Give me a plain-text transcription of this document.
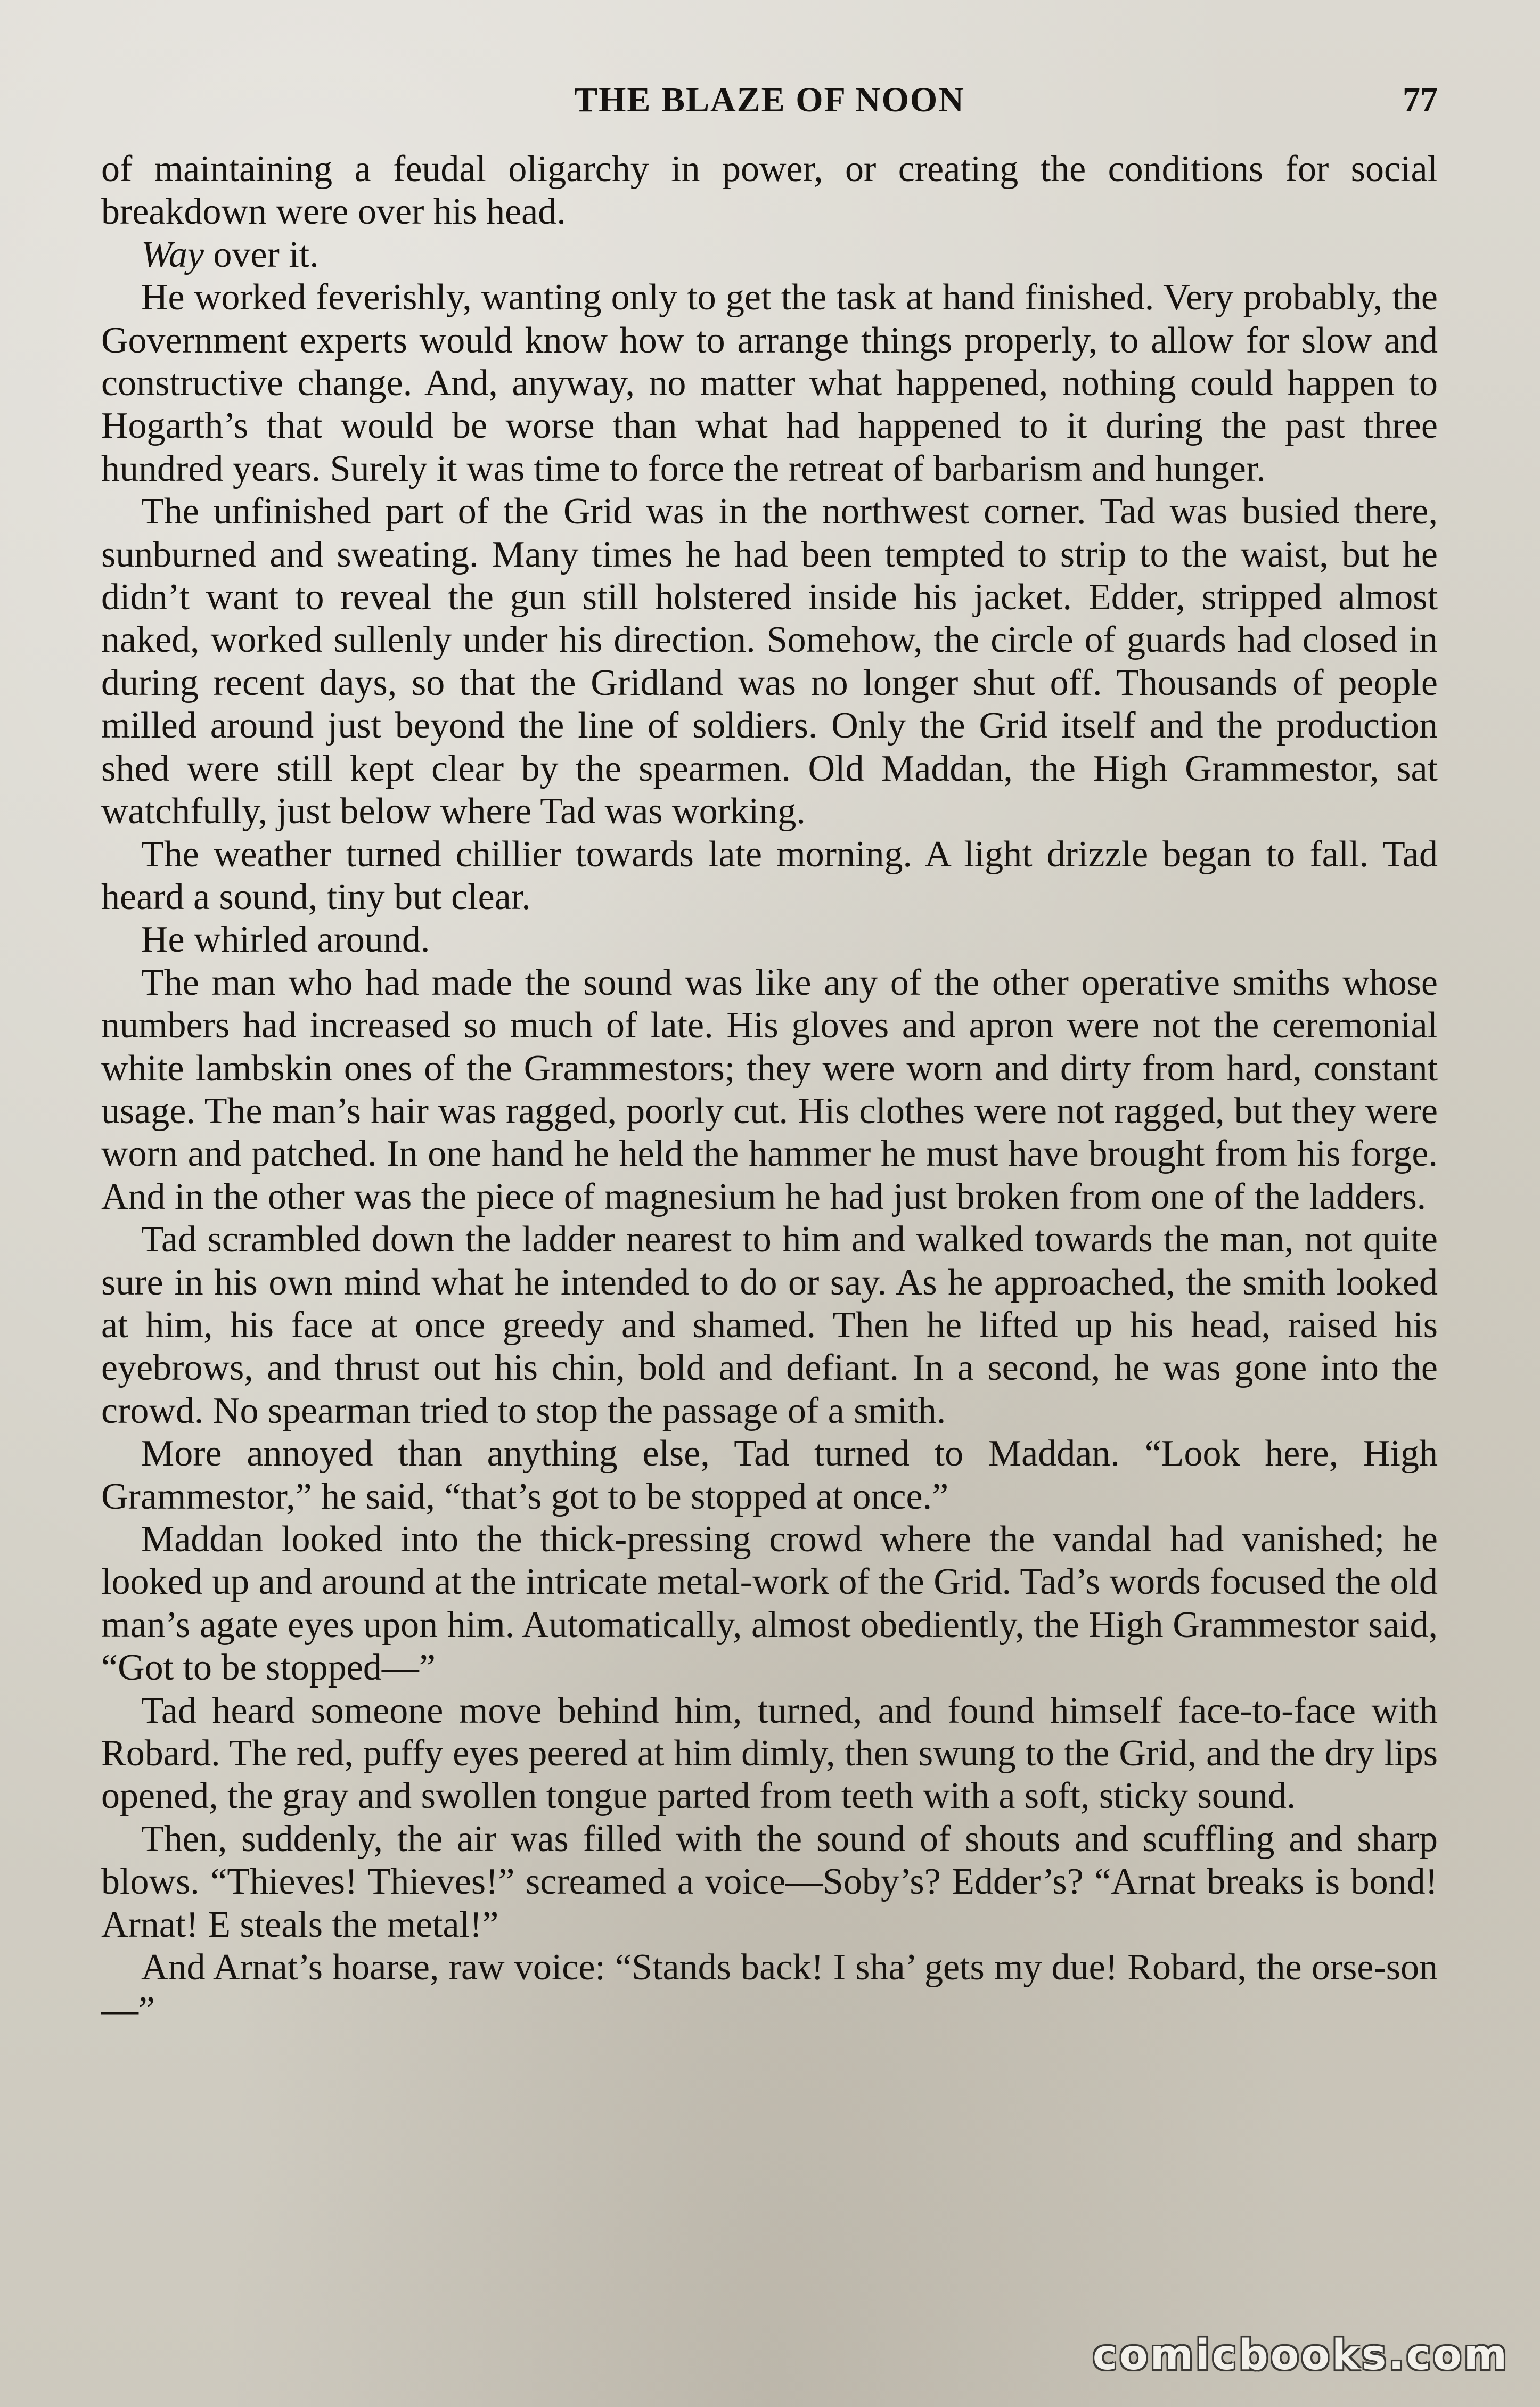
THE BLAZE OF NOON	77

of maintaining a feudal oligarchy in power, or creating the conditions for social breakdown were over his head.

Way over it.

He worked feverishly, wanting only to get the task at hand finished. Very probably, the Government experts would know how to arrange things properly, to allow for slow and constructive change. And, anyway, no matter what happened, nothing could happen to Hogarth’s that would be worse than what had happened to it during the past three hundred years. Surely it was time to force the retreat of barbarism and hunger.

The unfinished part of the Grid was in the northwest corner. Tad was busied there, sunburned and sweating. Many times he had been tempted to strip to the waist, but he didn’t want to reveal the gun still holstered inside his jacket. Edder, stripped almost naked, worked sullenly under his direction. Somehow, the circle of guards had closed in during recent days, so that the Gridland was no longer shut off. Thousands of people milled around just beyond the line of soldiers. Only the Grid itself and the production shed were still kept clear by the spearmen. Old Maddan, the High Grammestor, sat watchfully, just below where Tad was working.

The weather turned chillier towards late morning. A light drizzle began to fall. Tad heard a sound, tiny but clear.

He whirled around.

The man who had made the sound was like any of the other operative smiths whose numbers had increased so much of late. His gloves and apron were not the ceremonial white lambskin ones of the Grammestors; they were worn and dirty from hard, constant usage. The man’s hair was ragged, poorly cut. His clothes were not ragged, but they were worn and patched. In one hand he held the hammer he must have brought from his forge. And in the other was the piece of magnesium he had just broken from one of the ladders.

Tad scrambled down the ladder nearest to him and walked towards the man, not quite sure in his own mind what he intended to do or say. As he approached, the smith looked at him, his face at once greedy and shamed. Then he lifted up his head, raised his eyebrows, and thrust out his chin, bold and defiant. In a second, he was gone into the crowd. No spearman tried to stop the passage of a smith.

More annoyed than anything else, Tad turned to Maddan. “Look here, High Grammestor,” he said, “that’s got to be stopped at once.”

Maddan looked into the thick-pressing crowd where the vandal had vanished; he looked up and around at the intricate metal-work of the Grid. Tad’s words focused the old man’s agate eyes upon him. Automatically, almost obediently, the High Grammestor said, “Got to be stopped—”

Tad heard someone move behind him, turned, and found himself face-to-face with Robard. The red, puffy eyes peered at him dimly, then swung to the Grid, and the dry lips opened, the gray and swollen tongue parted from teeth with a soft, sticky sound.

Then, suddenly, the air was filled with the sound of shouts and scuffling and sharp blows. “Thieves! Thieves!” screamed a voice—Soby’s? Edder’s? “Arnat breaks is bond! Arnat! E steals the metal!”

And Arnat’s hoarse, raw voice: “Stands back! I sha’ gets my due! Robard, the orse-son—”

comicbooks.com
